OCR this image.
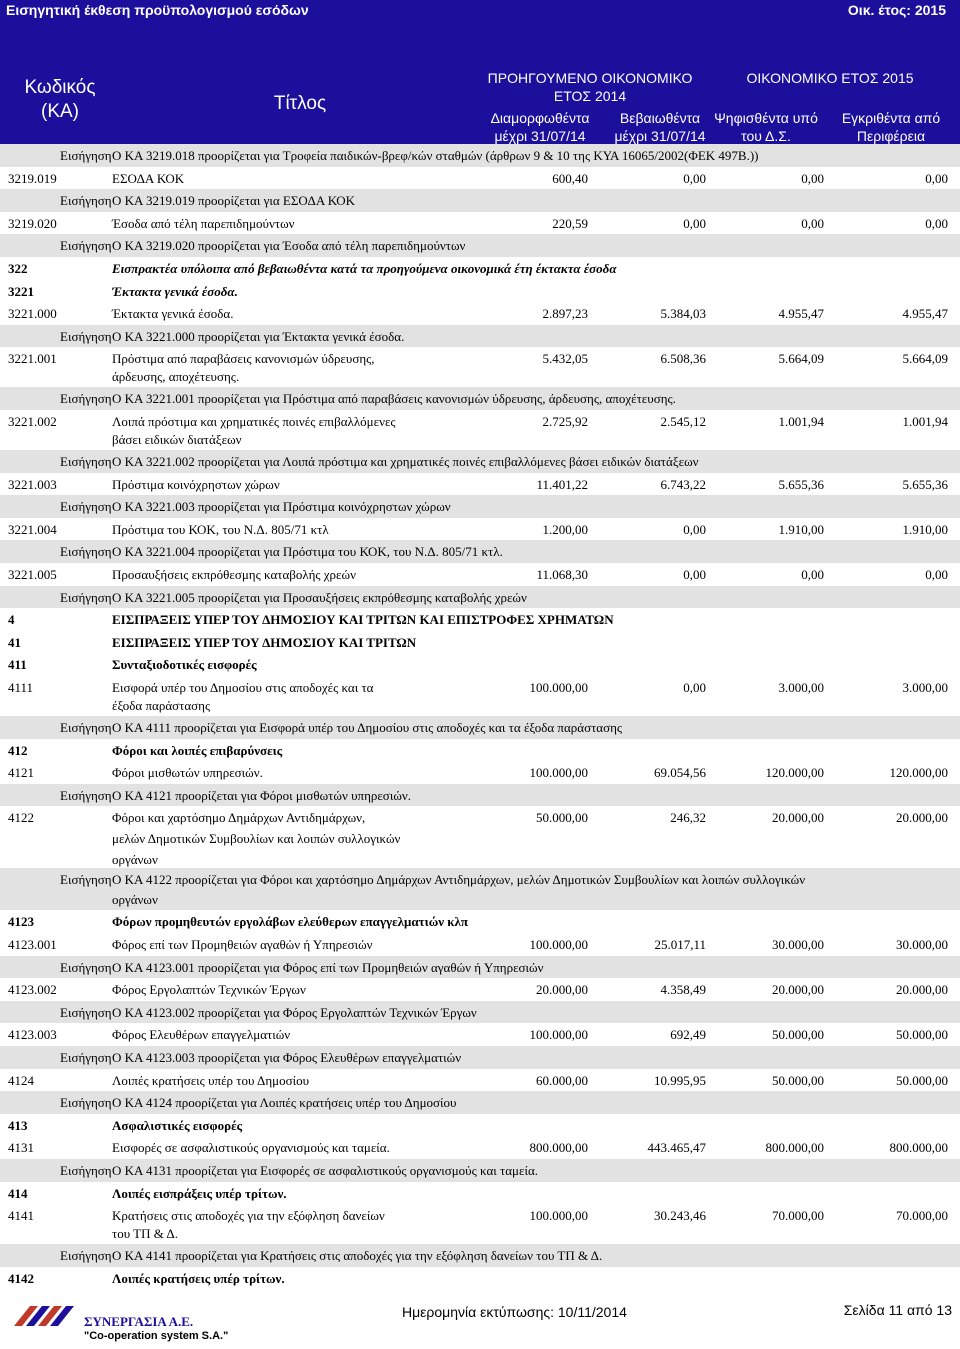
Εισηγητική έκθεση προϋπολογισμού εσόδων	Οικ. έτος: 2015
Κωδικός
(ΚΑ)	Τίτλος
ΠΡΟΗΓΟΥΜΕΝΟ ΟΙΚΟΝΟΜΙΚΟ
ΕΤΟΣ 2014
ΟΙΚΟΝΟΜΙΚΟ ΕΤΟΣ 2015
Διαμορφωθέντα
μέχρι 31/07/14
Βεβαιωθέντα
μέχρι 31/07/14
Ψηφισθέντα υπό
του Δ.Σ.
Εγκριθέντα από
Περιφέρεια
Εισήγηση Ο ΚΑ 3219.018 προορίζεται για Τροφεία παιδικών-βρεφ/κών σταθμών (άρθρων 9 & 10 της ΚΥΑ 16065/2002(ΦΕΚ 497Β.))
3219.019	ΕΣΟΔΑ ΚΟΚ	600,40	0,00	0,00	0,00
Εισήγηση Ο ΚΑ 3219.019 προορίζεται για ΕΣΟΔΑ ΚΟΚ
3219.020	Έσοδα από τέλη παρεπιδημούντων	220,59	0,00	0,00	0,00
Εισήγηση Ο ΚΑ 3219.020 προορίζεται για Έσοδα από τέλη παρεπιδημούντων
322	Εισπρακτέα υπόλοιπα από βεβαιωθέντα κατά τα προηγούμενα οικονομικά έτη έκτακτα έσοδα
3221	Έκτακτα γενικά έσοδα.
3221.000	Έκτακτα γενικά έσοδα.	2.897,23	5.384,03	4.955,47	4.955,47
Εισήγηση Ο ΚΑ 3221.000 προορίζεται για Έκτακτα γενικά έσοδα.
3221.001	Πρόστιμα από παραβάσεις κανονισμών ύδρευσης,
άρδευσης, αποχέτευσης.
5.432,05	6.508,36	5.664,09	5.664,09
Εισήγηση Ο ΚΑ 3221.001 προορίζεται για Πρόστιμα από παραβάσεις κανονισμών ύδρευσης, άρδευσης, αποχέτευσης.
3221.002	Λοιπά πρόστιμα και χρηματικές ποινές επιβαλλόμενες
βάσει ειδικών διατάξεων
2.725,92	2.545,12	1.001,94	1.001,94
Εισήγηση Ο ΚΑ 3221.002 προορίζεται για Λοιπά πρόστιμα και χρηματικές ποινές επιβαλλόμενες βάσει ειδικών διατάξεων
3221.003	Πρόστιμα κοινόχρηστων χώρων	11.401,22	6.743,22	5.655,36	5.655,36
Εισήγηση Ο ΚΑ 3221.003 προορίζεται για Πρόστιμα κοινόχρηστων χώρων
3221.004	Πρόστιμα του ΚΟΚ, του Ν.Δ. 805/71 κτλ	1.200,00	0,00	1.910,00	1.910,00
Εισήγηση Ο ΚΑ 3221.004 προορίζεται για Πρόστιμα του ΚΟΚ, του Ν.Δ. 805/71 κτλ.
3221.005	Προσαυξήσεις εκπρόθεσμης καταβολής χρεών	11.068,30	0,00	0,00	0,00
Εισήγηση Ο ΚΑ 3221.005 προορίζεται για Προσαυξήσεις εκπρόθεσμης καταβολής χρεών
4	ΕΙΣΠΡΑΞΕΙΣ ΥΠΕΡ ΤΟΥ ΔΗΜΟΣΙΟΥ ΚΑΙ ΤΡΙΤΩΝ ΚΑΙ ΕΠΙΣΤΡΟΦΕΣ ΧΡΗΜΑΤΩΝ
41	ΕΙΣΠΡΑΞΕΙΣ ΥΠΕΡ ΤΟΥ ΔΗΜΟΣΙΟΥ ΚΑΙ ΤΡΙΤΩΝ
411	Συνταξιοδοτικές εισφορές
4111	Εισφορά υπέρ του Δημοσίου στις αποδοχές και τα
έξοδα παράστασης
100.000,00	0,00	3.000,00	3.000,00
Εισήγηση Ο ΚΑ 4111 προορίζεται για Εισφορά υπέρ του Δημοσίου στις αποδοχές και τα έξοδα παράστασης
412	Φόροι και λοιπές επιβαρύνσεις
4121	Φόροι μισθωτών υπηρεσιών.	100.000,00	69.054,56	120.000,00	120.000,00
Εισήγηση Ο ΚΑ 4121 προορίζεται για Φόροι μισθωτών υπηρεσιών.
4122	Φόροι και χαρτόσημο Δημάρχων Αντιδημάρχων,
μελών Δημοτικών Συμβουλίων και λοιπών συλλογικών
οργάνων
50.000,00	246,32	20.000,00	20.000,00
Εισήγηση Ο ΚΑ 4122 προορίζεται για Φόροι και χαρτόσημο Δημάρχων Αντιδημάρχων, μελών Δημοτικών Συμβουλίων και λοιπών συλλογικών
οργάνων
4123	Φόρων προμηθευτών εργολάβων ελεύθερων επαγγελματιών κλπ
4123.001	Φόρος επί των Προμηθειών αγαθών ή Υπηρεσιών	100.000,00	25.017,11	30.000,00	30.000,00
Εισήγηση Ο ΚΑ 4123.001 προορίζεται για Φόρος επί των Προμηθειών αγαθών ή Υπηρεσιών
4123.002	Φόρος Εργολαπτών Τεχνικών Έργων	20.000,00	4.358,49	20.000,00	20.000,00
Εισήγηση Ο ΚΑ 4123.002 προορίζεται για Φόρος Εργολαπτών Τεχνικών Έργων
4123.003	Φόρος Ελευθέρων επαγγελματιών	100.000,00	692,49	50.000,00	50.000,00
Εισήγηση Ο ΚΑ 4123.003 προορίζεται για Φόρος Ελευθέρων επαγγελματιών
4124	Λοιπές κρατήσεις υπέρ του Δημοσίου	60.000,00	10.995,95	50.000,00	50.000,00
Εισήγηση Ο ΚΑ 4124 προορίζεται για Λοιπές κρατήσεις υπέρ του Δημοσίου
413	Ασφαλιστικές εισφορές
4131	Εισφορές σε ασφαλιστικούς οργανισμούς και ταμεία.	800.000,00	443.465,47	800.000,00	800.000,00
Εισήγηση Ο ΚΑ 4131 προορίζεται για Εισφορές σε ασφαλιστικούς οργανισμούς και ταμεία.
414	Λοιπές εισπράξεις υπέρ τρίτων.
4141	Κρατήσεις στις αποδοχές για την εξόφληση δανείων
του ΤΠ & Δ.
100.000,00	30.243,46	70.000,00	70.000,00
Εισήγηση Ο ΚΑ 4141 προορίζεται για Κρατήσεις στις αποδοχές για την εξόφληση δανείων του ΤΠ & Δ.
4142	Λοιπές κρατήσεις υπέρ τρίτων.
ΣΥΝΕΡΓΑΣΙΑ Α.Ε.
"Co-operation system S.A."
Ημερομηνία εκτύπωσης: 10/11/2014	Σελίδα 11 από 13
